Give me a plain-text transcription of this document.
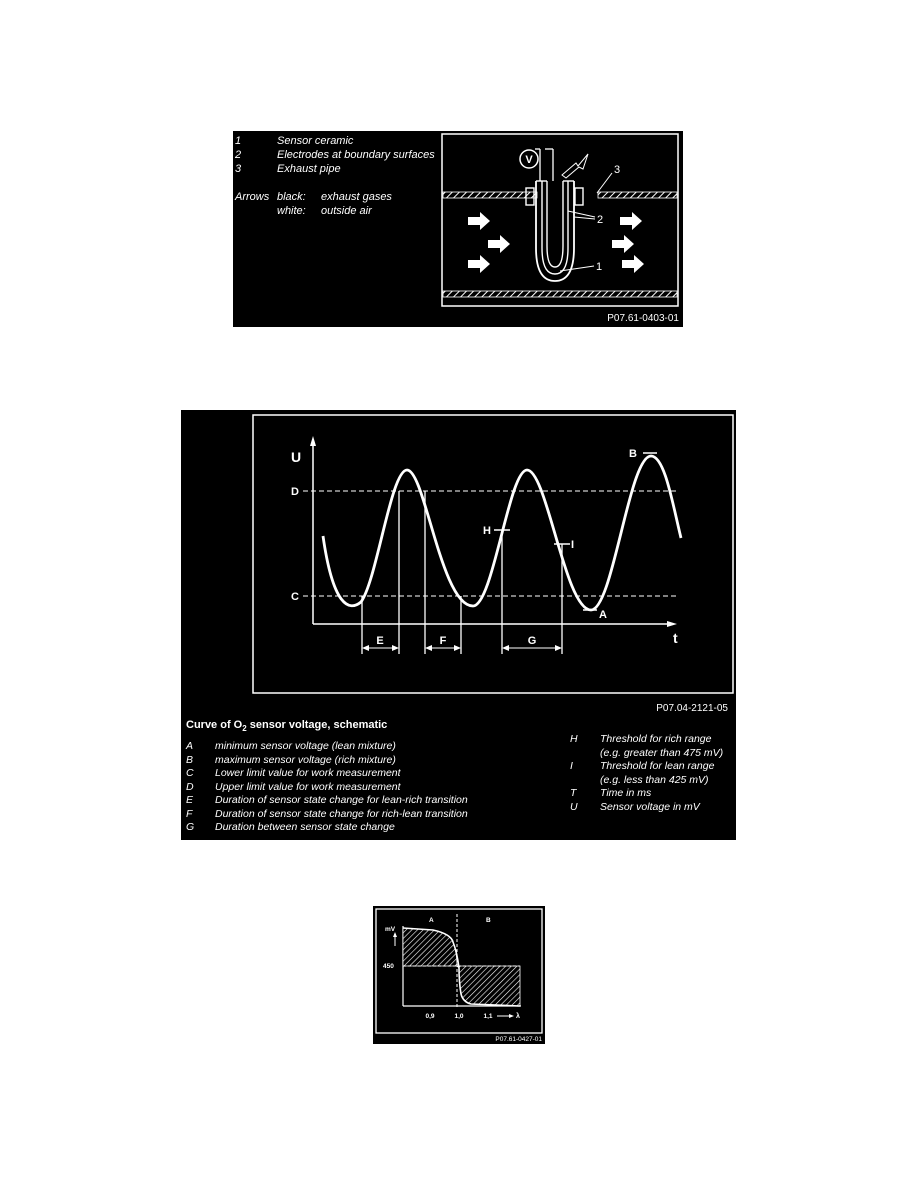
1	Sensor ceramic
2	Electrodes at boundary surfaces
3	Exhaust pipe
Arrows black: exhaust gases
white: outside air
V
3
2
1
P07.61-0403-01
U
t
D
C
E	F	G
H
I
A
B
P07.04-2121-05
Curve of $O_2$ sensor voltage, schematic
A minimum sensor voltage (lean mixture)
B maximum sensor voltage (rich mixture)
C Lower limit value for work measurement
D Upper limit value for work measurement
E Duration of sensor state change for lean-rich transition
F Duration of sensor state change for rich-lean transition
G Duration between sensor state change
H Threshold for rich range
(e.g. greater than 475 mV)
I	Threshold for lean range
(e.g. less than 425 mV)
T Time in ms
U Sensor voltage in mV
mV
450
A	B
0,9	1,0	1,1	λ
P07.61-0427-01
